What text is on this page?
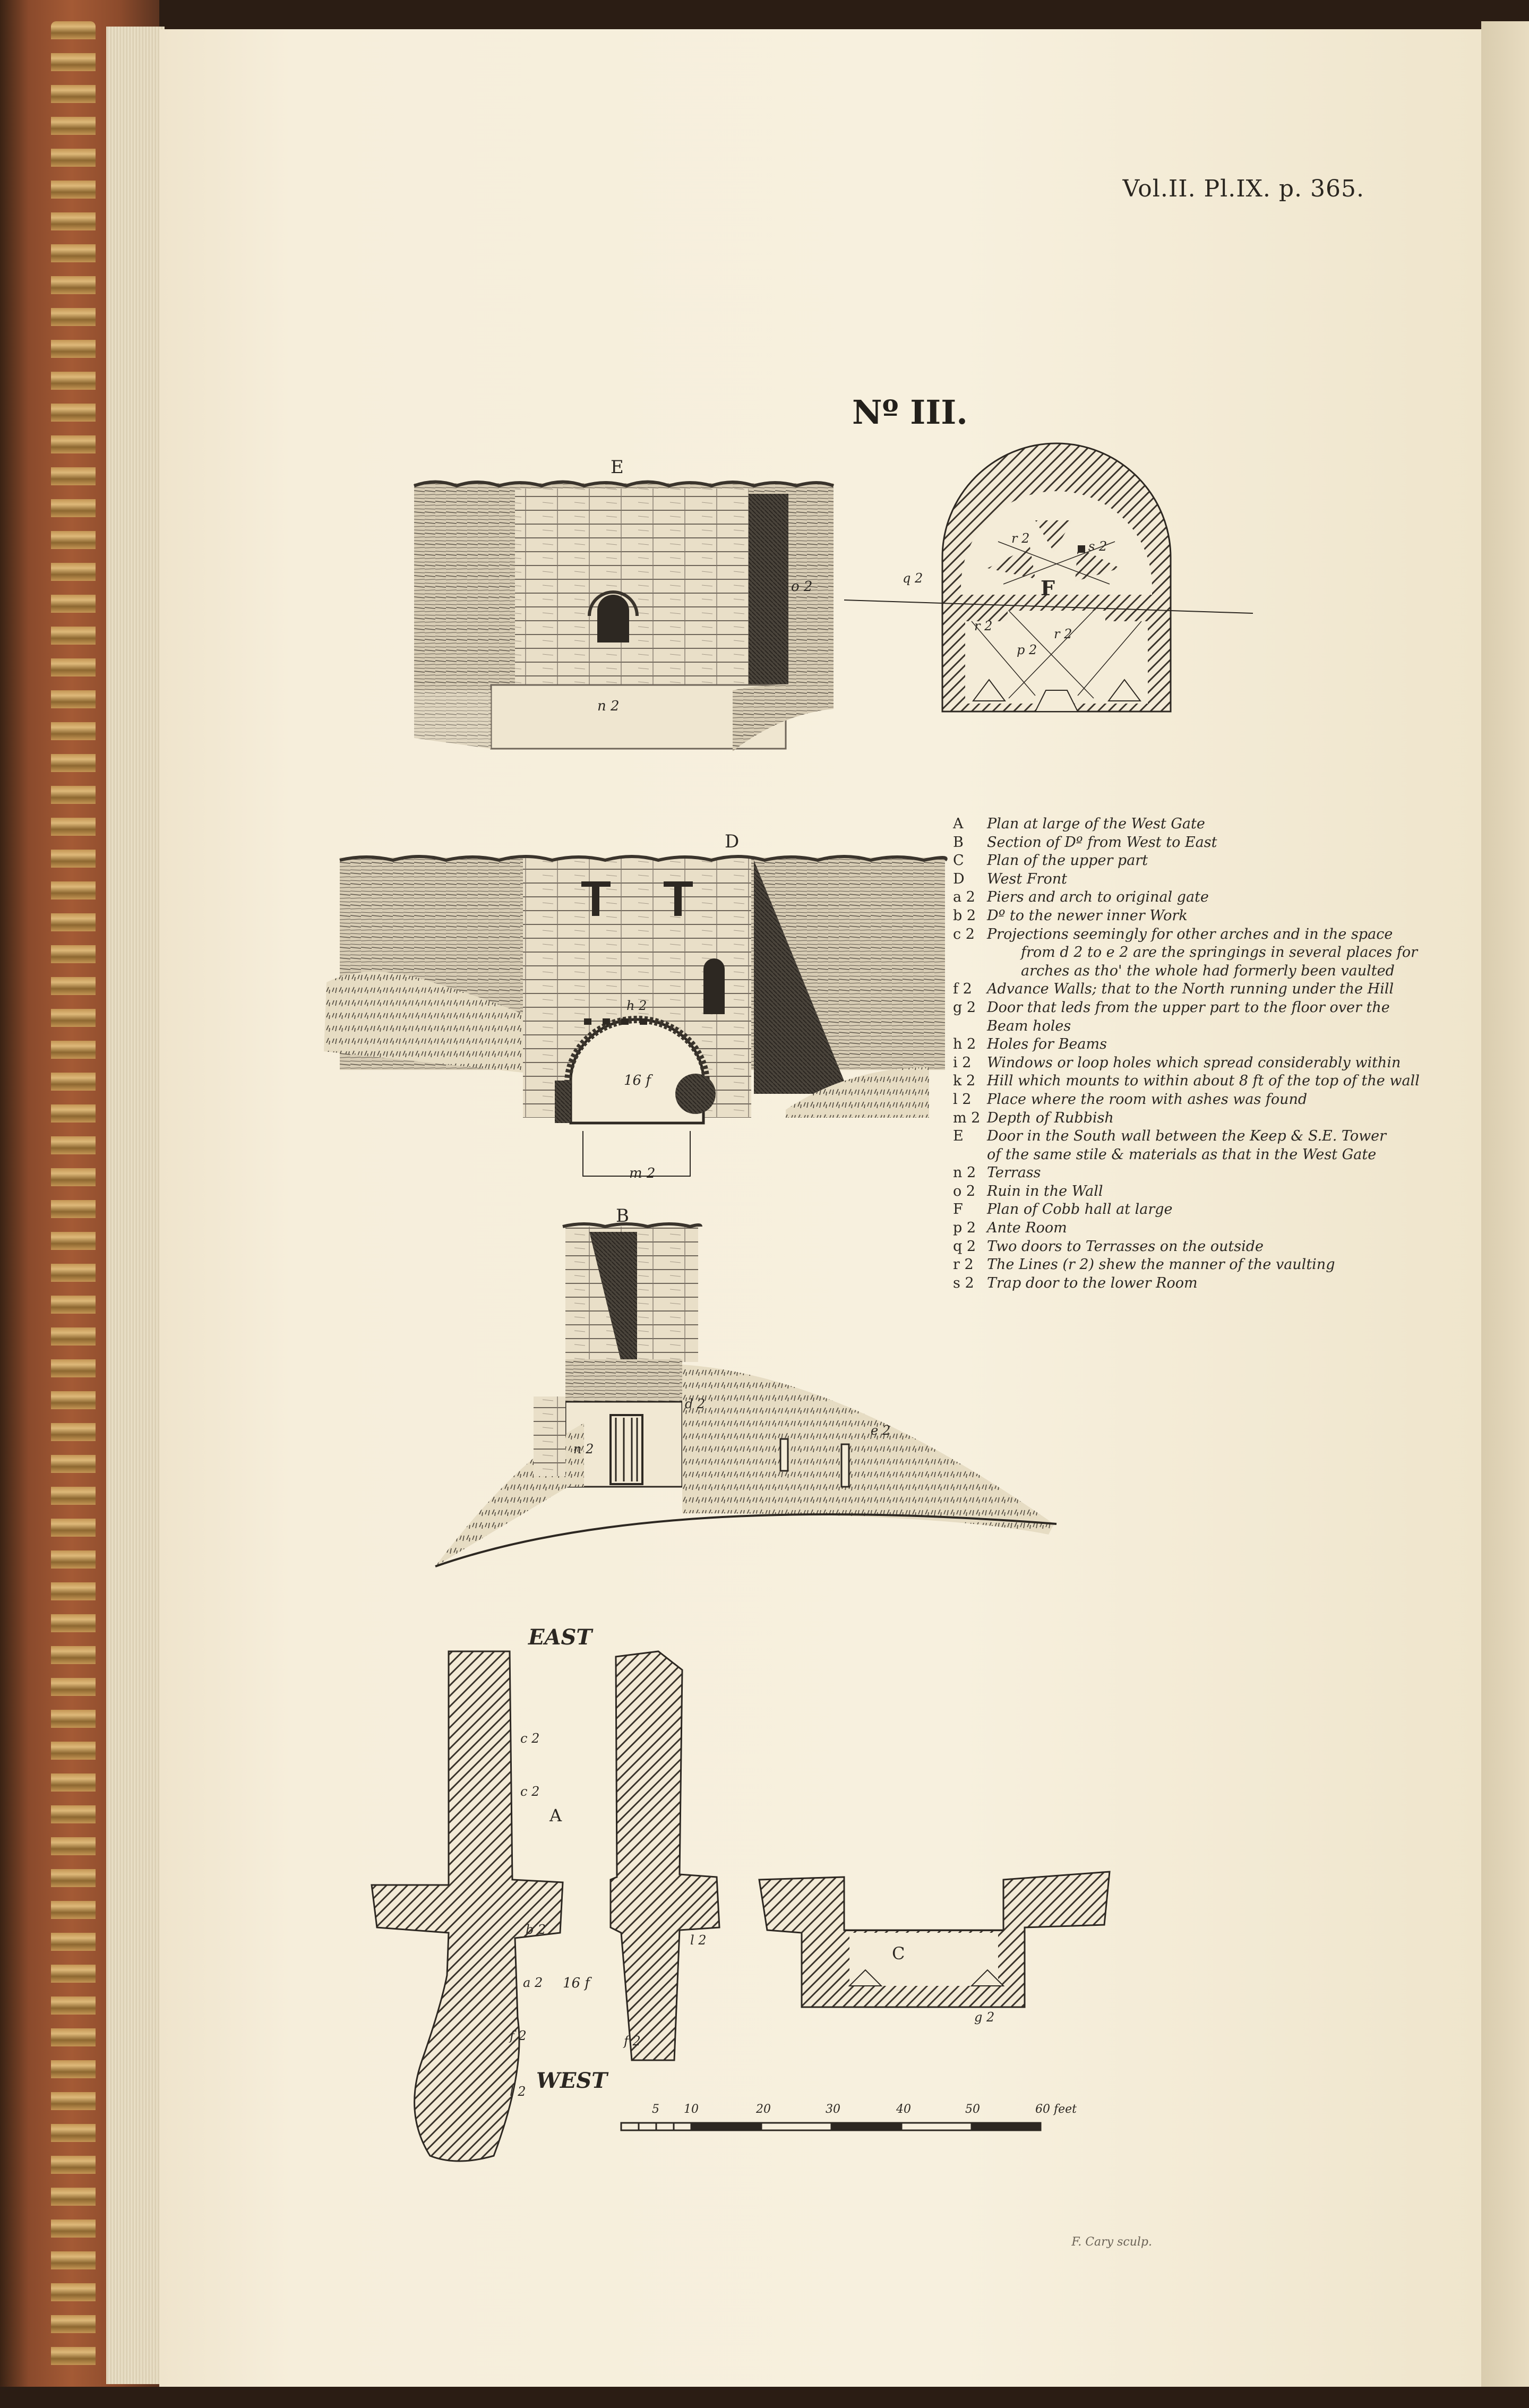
Vol.II. Pl.IX. p. 365.
Nº III.
E
o 2
n 2
F
r 2
s 2
q 2
r 2
p 2
r 2
D
h 2
16 f
m 2
B
d 2
e 2
n 2
EAST
WEST
A
c 2
c 2
b 2
a 2 16 f
f 2
l 2
f 2
l 2
C
g 2
5 10	20	30	40	50	60 feet
A	Plan at large of the West Gate
B	Section of Dº from West to East
C	Plan of the upper part
D	West Front
a 2 Piers and arch to original gate
b 2 Dº to the newer inner Work
c 2 Projections seemingly for other arches and in the space
from d 2 to e 2 are the springings in several places for
arches as tho' the whole had formerly been vaulted
f 2	Advance Walls; that to the North running under the Hill
g 2 Door that leds from the upper part to the floor over the
Beam holes
h 2 Holes for Beams
i 2	Windows or loop holes which spread considerably within
k 2 Hill which mounts to within about 8 ft of the top of the wall
l 2	Place where the room with ashes was found
m 2 Depth of Rubbish
E	Door in the South wall between the Keep & S.E. Tower
of the same stile & materials as that in the West Gate
n 2 Terrass
o 2 Ruin in the Wall
F	Plan of Cobb hall at large
p 2 Ante Room
q 2 Two doors to Terrasses on the outside
r 2 The Lines (r 2) shew the manner of the vaulting
s 2 Trap door to the lower Room
F. Cary sculp.
